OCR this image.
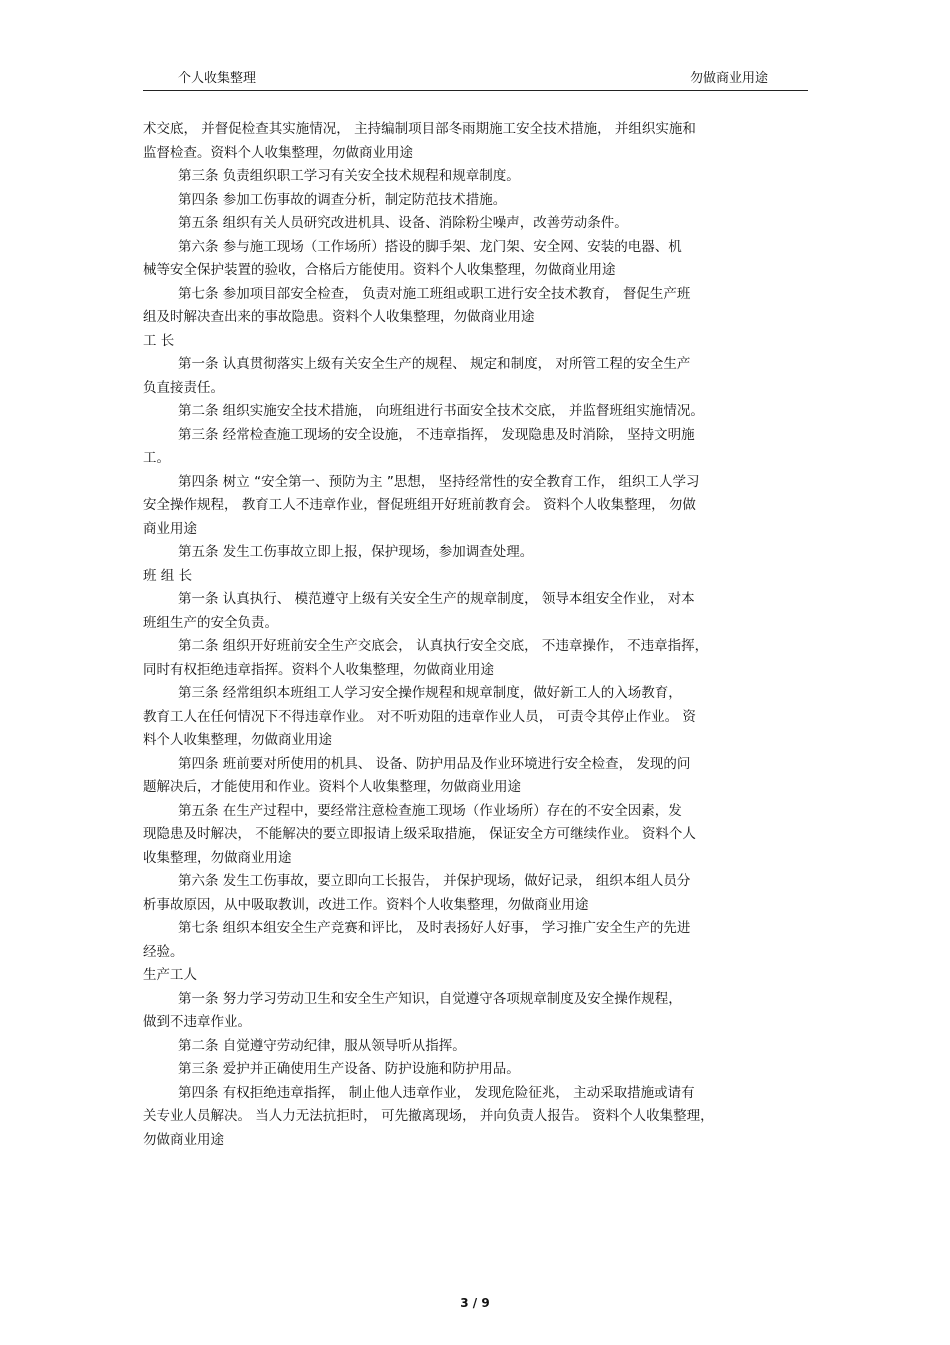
个人收集整理	勿做商业用途
术交底， 并督促检查其实施情况， 主持编制项目部冬雨期施工安全技术措施， 并组织实施和
监督检查。资料个人收集整理，勿做商业用途
第三条 负责组织职工学习有关安全技术规程和规章制度。
第四条 参加工伤事故的调查分析，制定防范技术措施。
第五条 组织有关人员研究改进机具、设备、消除粉尘噪声，改善劳动条件。
第六条 参与施工现场（工作场所）搭设的脚手架、龙门架、安全网、安装的电器、机
械等安全保护装置的验收，合格后方能使用。资料个人收集整理，勿做商业用途
第七条 参加项目部安全检查， 负责对施工班组或职工进行安全技术教育， 督促生产班
组及时解决查出来的事故隐患。资料个人收集整理，勿做商业用途
工 长
第一条 认真贯彻落实上级有关安全生产的规程、 规定和制度， 对所管工程的安全生产
负直接责任。
第二条 组织实施安全技术措施， 向班组进行书面安全技术交底， 并监督班组实施情况。
第三条 经常检查施工现场的安全设施， 不违章指挥， 发现隐患及时消除， 坚持文明施
工。
第四条 树立 “安全第一、预防为主 ”思想， 坚持经常性的安全教育工作， 组织工人学习
安全操作规程， 教育工人不违章作业，督促班组开好班前教育会。 资料个人收集整理， 勿做
商业用途
第五条 发生工伤事故立即上报，保护现场，参加调查处理。
班 组 长
第一条 认真执行、 模范遵守上级有关安全生产的规章制度， 领导本组安全作业， 对本
班组生产的安全负责。
第二条 组织开好班前安全生产交底会， 认真执行安全交底， 不违章操作， 不违章指挥，
同时有权拒绝违章指挥。资料个人收集整理，勿做商业用途
第三条 经常组织本班组工人学习安全操作规程和规章制度，做好新工人的入场教育，
教育工人在任何情况下不得违章作业。 对不听劝阻的违章作业人员， 可责令其停止作业。 资
料个人收集整理，勿做商业用途
第四条 班前要对所使用的机具、 设备、防护用品及作业环境进行安全检查， 发现的问
题解决后，才能使用和作业。资料个人收集整理，勿做商业用途
第五条 在生产过程中，要经常注意检查施工现场（作业场所）存在的不安全因素，发
现隐患及时解决， 不能解决的要立即报请上级采取措施， 保证安全方可继续作业。 资料个人
收集整理，勿做商业用途
第六条 发生工伤事故，要立即向工长报告， 并保护现场，做好记录， 组织本组人员分
析事故原因，从中吸取教训，改进工作。资料个人收集整理，勿做商业用途
第七条 组织本组安全生产竞赛和评比， 及时表扬好人好事， 学习推广安全生产的先进
经验。
生产工人
第一条 努力学习劳动卫生和安全生产知识，自觉遵守各项规章制度及安全操作规程，
做到不违章作业。
第二条 自觉遵守劳动纪律，服从领导听从指挥。
第三条 爱护并正确使用生产设备、防护设施和防护用品。
第四条 有权拒绝违章指挥， 制止他人违章作业， 发现危险征兆， 主动采取措施或请有
关专业人员解决。 当人力无法抗拒时， 可先撤离现场， 并向负责人报告。 资料个人收集整理，
勿做商业用途
3 / 9
